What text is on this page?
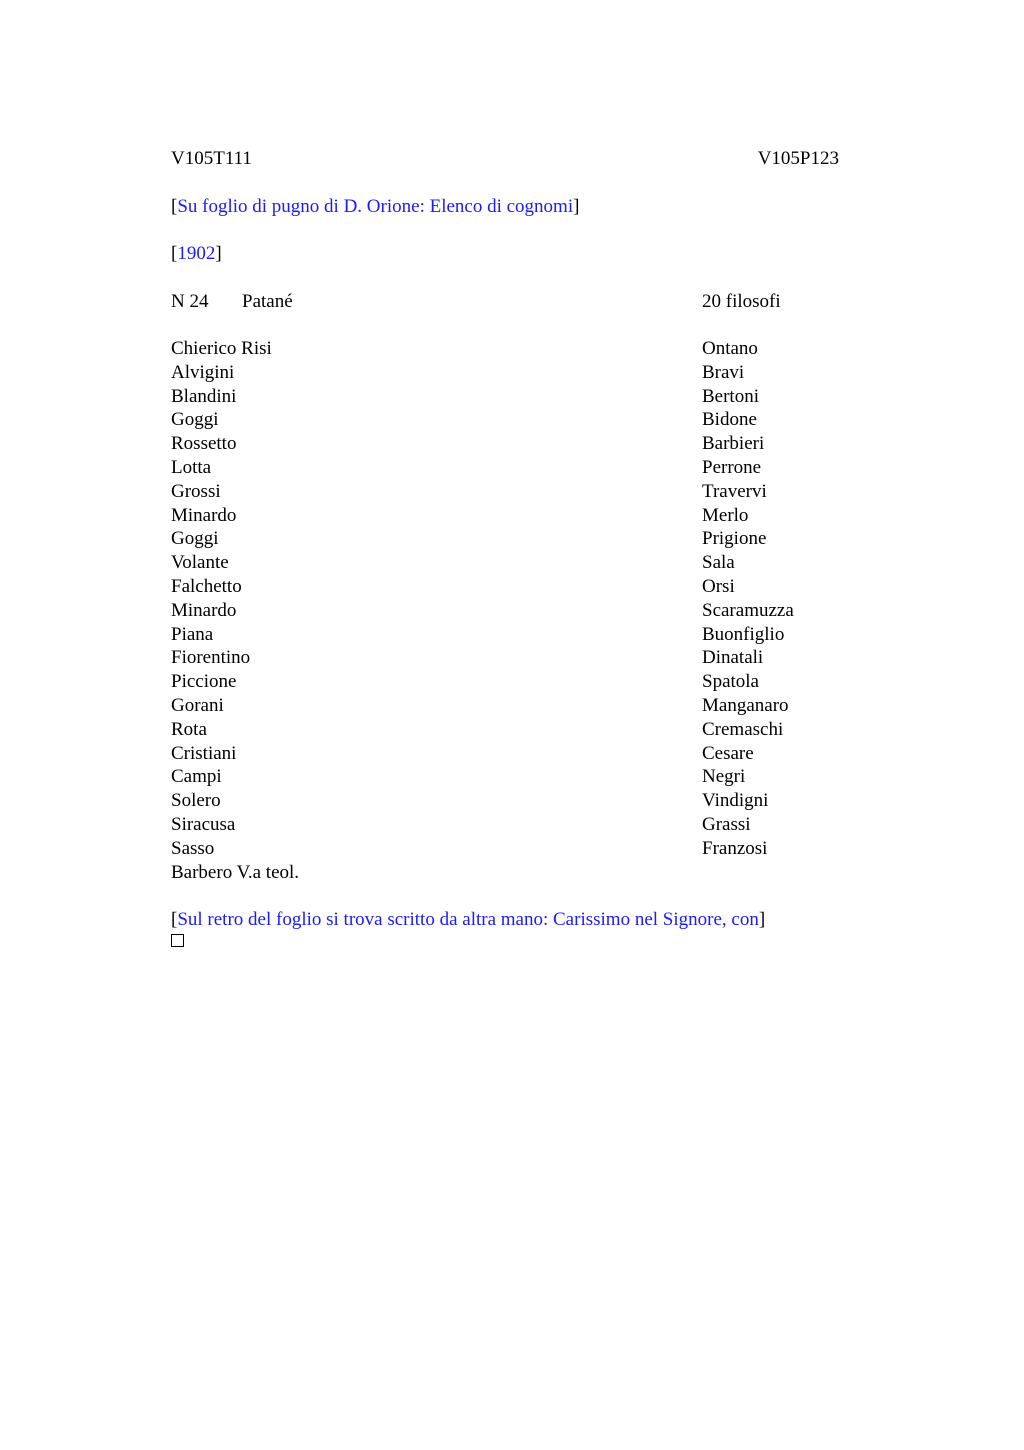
V105T111	V105P123
[Su foglio di pugno di D. Orione: Elenco di cognomi]
[1902]
N 24 Patané	20 filosofi
Chierico Risi	Ontano
Alvigini	Bravi
Blandini	Bertoni
Goggi	Bidone
Rossetto	Barbieri
Lotta	Perrone
Grossi	Travervi
Minardo	Merlo
Goggi	Prigione
Volante	Sala
Falchetto	Orsi
Minardo	Scaramuzza
Piana	Buonfiglio
Fiorentino	Dinatali
Piccione	Spatola
Gorani	Manganaro
Rota	Cremaschi
Cristiani	Cesare
Campi	Negri
Solero	Vindigni
Siracusa	Grassi
Sasso	Franzosi
Barbero V.a teol.
[Sul retro del foglio si trova scritto da altra mano: Carissimo nel Signore, con]
